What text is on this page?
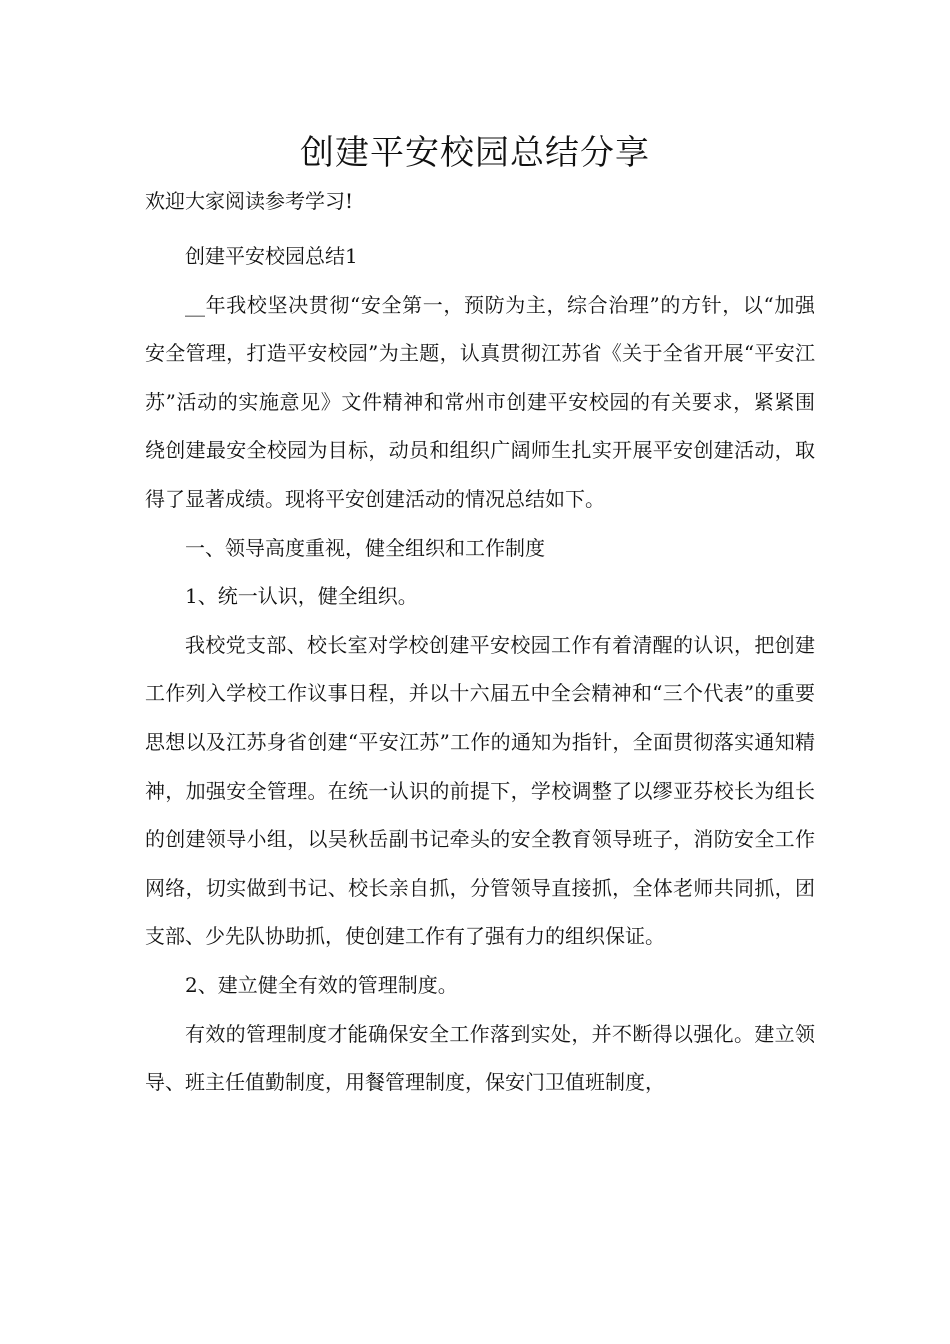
创建平安校园总结分享

欢迎大家阅读参考学习!

创建平安校园总结1

__年我校坚决贯彻“安全第一，预防为主，综合治理”的方针，以“加强安全管理，打造平安校园”为主题，认真贯彻江苏省《关于全省开展“平安江苏”活动的实施意见》文件精神和常州市创建平安校园的有关要求，紧紧围绕创建最安全校园为目标，动员和组织广阔师生扎实开展平安创建活动，取得了显著成绩。现将平安创建活动的情况总结如下。

一、领导高度重视，健全组织和工作制度

1、统一认识，健全组织。

我校党支部、校长室对学校创建平安校园工作有着清醒的认识，把创建工作列入学校工作议事日程，并以十六届五中全会精神和“三个代表”的重要思想以及江苏身省创建“平安江苏”工作的通知为指针，全面贯彻落实通知精神，加强安全管理。在统一认识的前提下，学校调整了以缪亚芬校长为组长的创建领导小组，以吴秋岳副书记牵头的安全教育领导班子，消防安全工作网络，切实做到书记、校长亲自抓，分管领导直接抓，全体老师共同抓，团支部、少先队协助抓，使创建工作有了强有力的组织保证。

2、建立健全有效的管理制度。

有效的管理制度才能确保安全工作落到实处，并不断得以强化。建立领导、班主任值勤制度，用餐管理制度，保安门卫值班制度，
